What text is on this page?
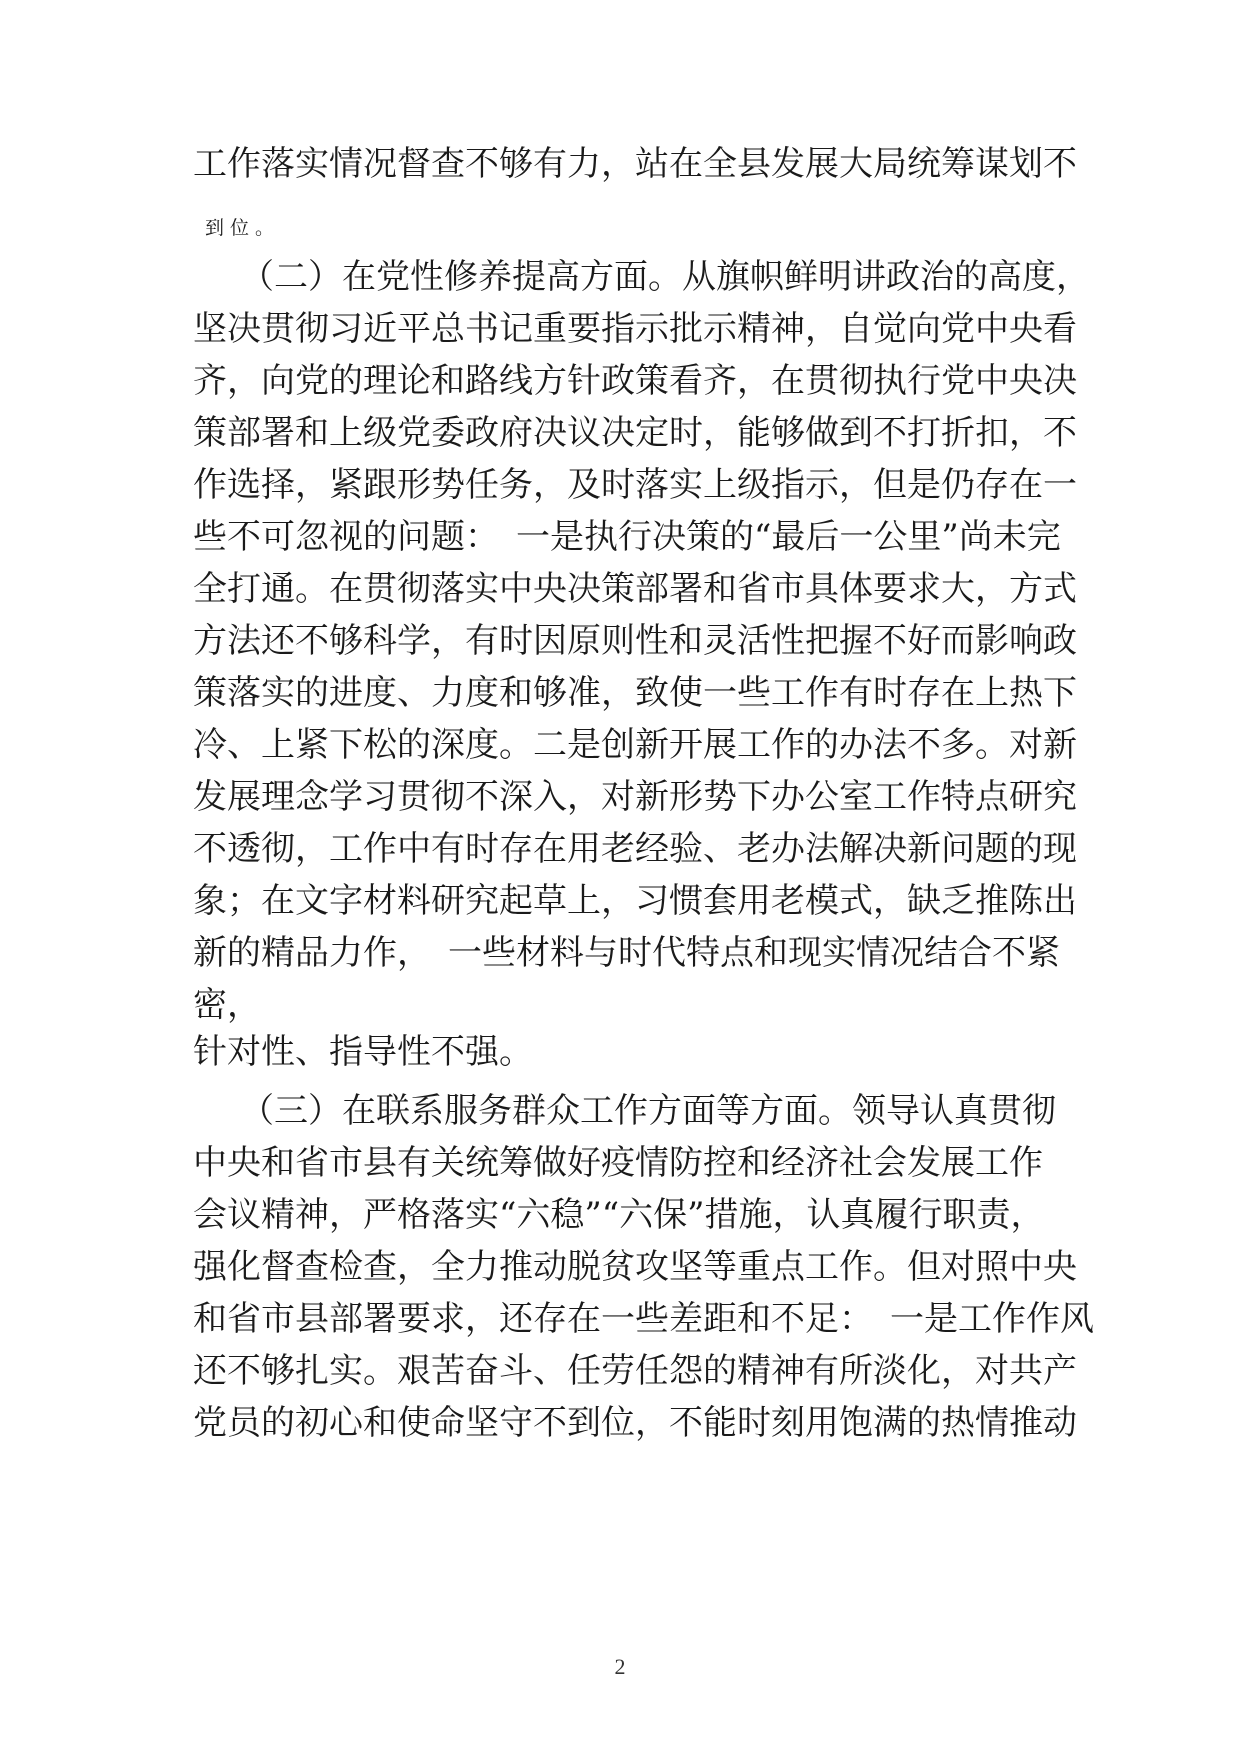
工作落实情况督查不够有力，站在全县发展大局统筹谋划不
到位。
（二）在党性修养提高方面。从旗帜鲜明讲政治的高度，
坚决贯彻习近平总书记重要指示批示精神，自觉向党中央看
齐，向党的理论和路线方针政策看齐，在贯彻执行党中央决
策部署和上级党委政府决议决定时，能够做到不打折扣，不
作选择，紧跟形势任务，及时落实上级指示，但是仍存在一
些不可忽视的问题：　一是执行决策的“最后一公里”尚未完
全打通。在贯彻落实中央决策部署和省市具体要求大，方式
方法还不够科学，有时因原则性和灵活性把握不好而影响政
策落实的进度、力度和够准，致使一些工作有时存在上热下
冷、上紧下松的深度。二是创新开展工作的办法不多。对新
发展理念学习贯彻不深入，对新形势下办公室工作特点研究
不透彻，工作中有时存在用老经验、老办法解决新问题的现
象；在文字材料研究起草上，习惯套用老模式，缺乏推陈出
新的精品力作，　一些材料与时代特点和现实情况结合不紧
密，
针对性、指导性不强。
（三）在联系服务群众工作方面等方面。领导认真贯彻
中央和省市县有关统筹做好疫情防控和经济社会发展工作
会议精神，严格落实“六稳”“六保”措施，认真履行职责，
强化督查检查，全力推动脱贫攻坚等重点工作。但对照中央
和省市县部署要求，还存在一些差距和不足：　一是工作作风
还不够扎实。艰苦奋斗、任劳任怨的精神有所淡化，对共产
党员的初心和使命坚守不到位，不能时刻用饱满的热情推动
2
